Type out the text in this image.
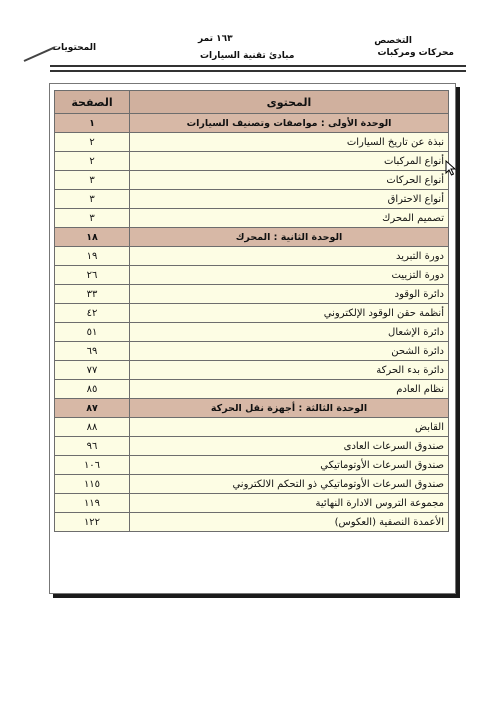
التخصص
محركات ومركبات
١٦٣ تمر
مبادئ تقنية السيارات
المحتويات
المحتوى	الصفحة
الوحدة الأولى : مواصفات وتصنيف السيارات	١
نبذة عن تاريخ السيارات	٢
أنواع المركبات	٢
أنواع الحركات	٣
أنواع الاحتراق	٣
تصميم المحرك	٣
الوحدة الثانية : المحرك	١٨
دورة التبريد	١٩
دورة التزييت	٢٦
دائرة الوقود	٣٣
أنظمة حقن الوقود الإلكتروني	٤٢
دائرة الإشعال	٥١
دائرة الشحن	٦٩
دائرة بدء الحركة	٧٧
نظام العادم	٨٥
الوحدة الثالثة : أجهزة نقل الحركة	٨٧
القابض	٨٨
صندوق السرعات العادى	٩٦
صندوق السرعات الأوتوماتيكي	١٠٦
صندوق السرعات الأوتوماتيكي ذو التحكم الالكتروني	١١٥
مجموعة التروس الادارة النهائية	١١٩
الأعمدة النصفية (العكوس)	١٢٢
